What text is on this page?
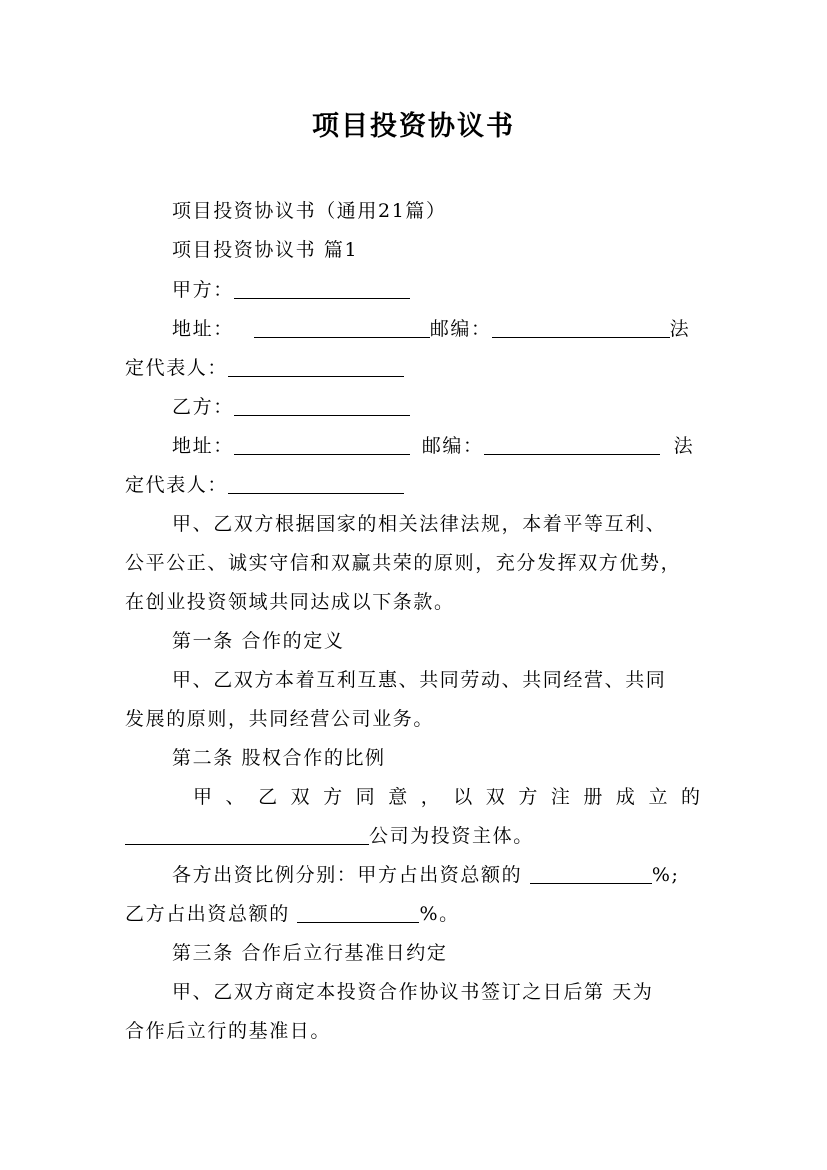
项目投资协议书
项目投资协议书（通用21篇）
项目投资协议书 篇1
甲方：
地址：	邮编：	法
定代表人：
乙方：
地址：	邮编：	法
定代表人：
甲、乙双方根据国家的相关法律法规，本着平等互利、
公平公正、诚实守信和双赢共荣的原则，充分发挥双方优势，
在创业投资领域共同达成以下条款。
第一条 合作的定义
甲、乙双方本着互利互惠、共同劳动、共同经营、共同
发展的原则，共同经营公司业务。
第二条 股权合作的比例
甲、乙双方同意，以双方注册成立的
公司为投资主体。
各方出资比例分别：甲方占出资总额的	%;
乙方占出资总额的	%。
第三条 合作后立行基准日约定
甲、乙双方商定本投资合作协议书签订之日后第 天为
合作后立行的基准日。
